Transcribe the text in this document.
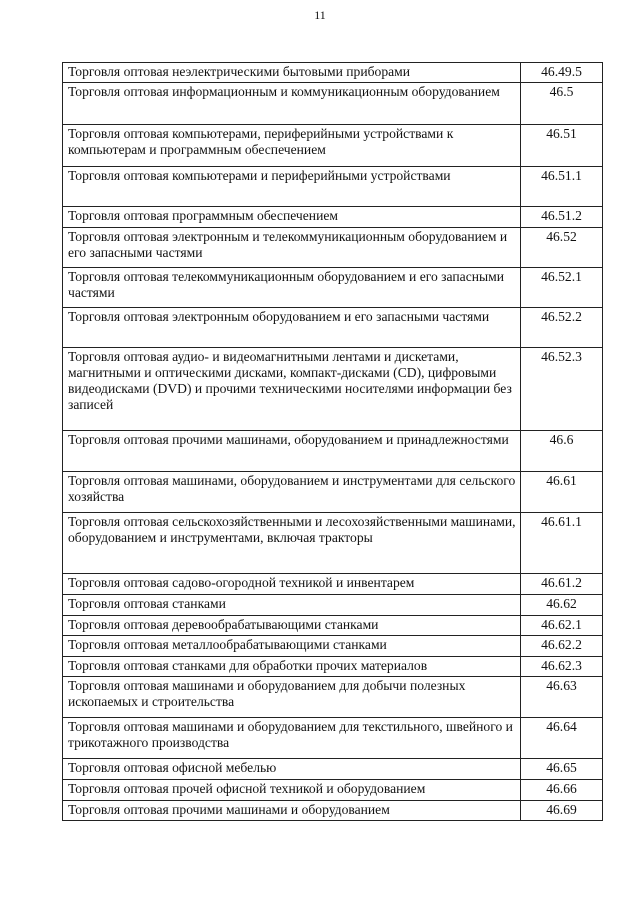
11
Торговля оптовая неэлектрическими бытовыми приборами	46.49.5
Торговля оптовая информационным и коммуникационным оборудованием	46.5
Торговля оптовая компьютерами, периферийными устройствами к компьютерам и программным обеспечением	46.51
Торговля оптовая компьютерами и периферийными устройствами	46.51.1
Торговля оптовая программным обеспечением	46.51.2
Торговля оптовая электронным и телекоммуникационным оборудованием и его запасными частями	46.52
Торговля оптовая телекоммуникационным оборудованием и его запасными частями	46.52.1
Торговля оптовая электронным оборудованием и его запасными частями	46.52.2
Торговля оптовая аудио- и видеомагнитными лентами и дискетами, магнитными и оптическими дисками, компакт-дисками (CD), цифровыми видеодисками (DVD) и прочими техническими носителями информации без записей	46.52.3
Торговля оптовая прочими машинами, оборудованием и принадлежностями	46.6
Торговля оптовая машинами, оборудованием и инструментами для сельского хозяйства	46.61
Торговля оптовая сельскохозяйственными и лесохозяйственными машинами, оборудованием и инструментами, включая тракторы	46.61.1
Торговля оптовая садово-огородной техникой и инвентарем	46.61.2
Торговля оптовая станками	46.62
Торговля оптовая деревообрабатывающими станками	46.62.1
Торговля оптовая металлообрабатывающими станками	46.62.2
Торговля оптовая станками для обработки прочих материалов	46.62.3
Торговля оптовая машинами и оборудованием для добычи полезных ископаемых и строительства	46.63
Торговля оптовая машинами и оборудованием для текстильного, швейного и трикотажного производства	46.64
Торговля оптовая офисной мебелью	46.65
Торговля оптовая прочей офисной техникой и оборудованием	46.66
Торговля оптовая прочими машинами и оборудованием	46.69
